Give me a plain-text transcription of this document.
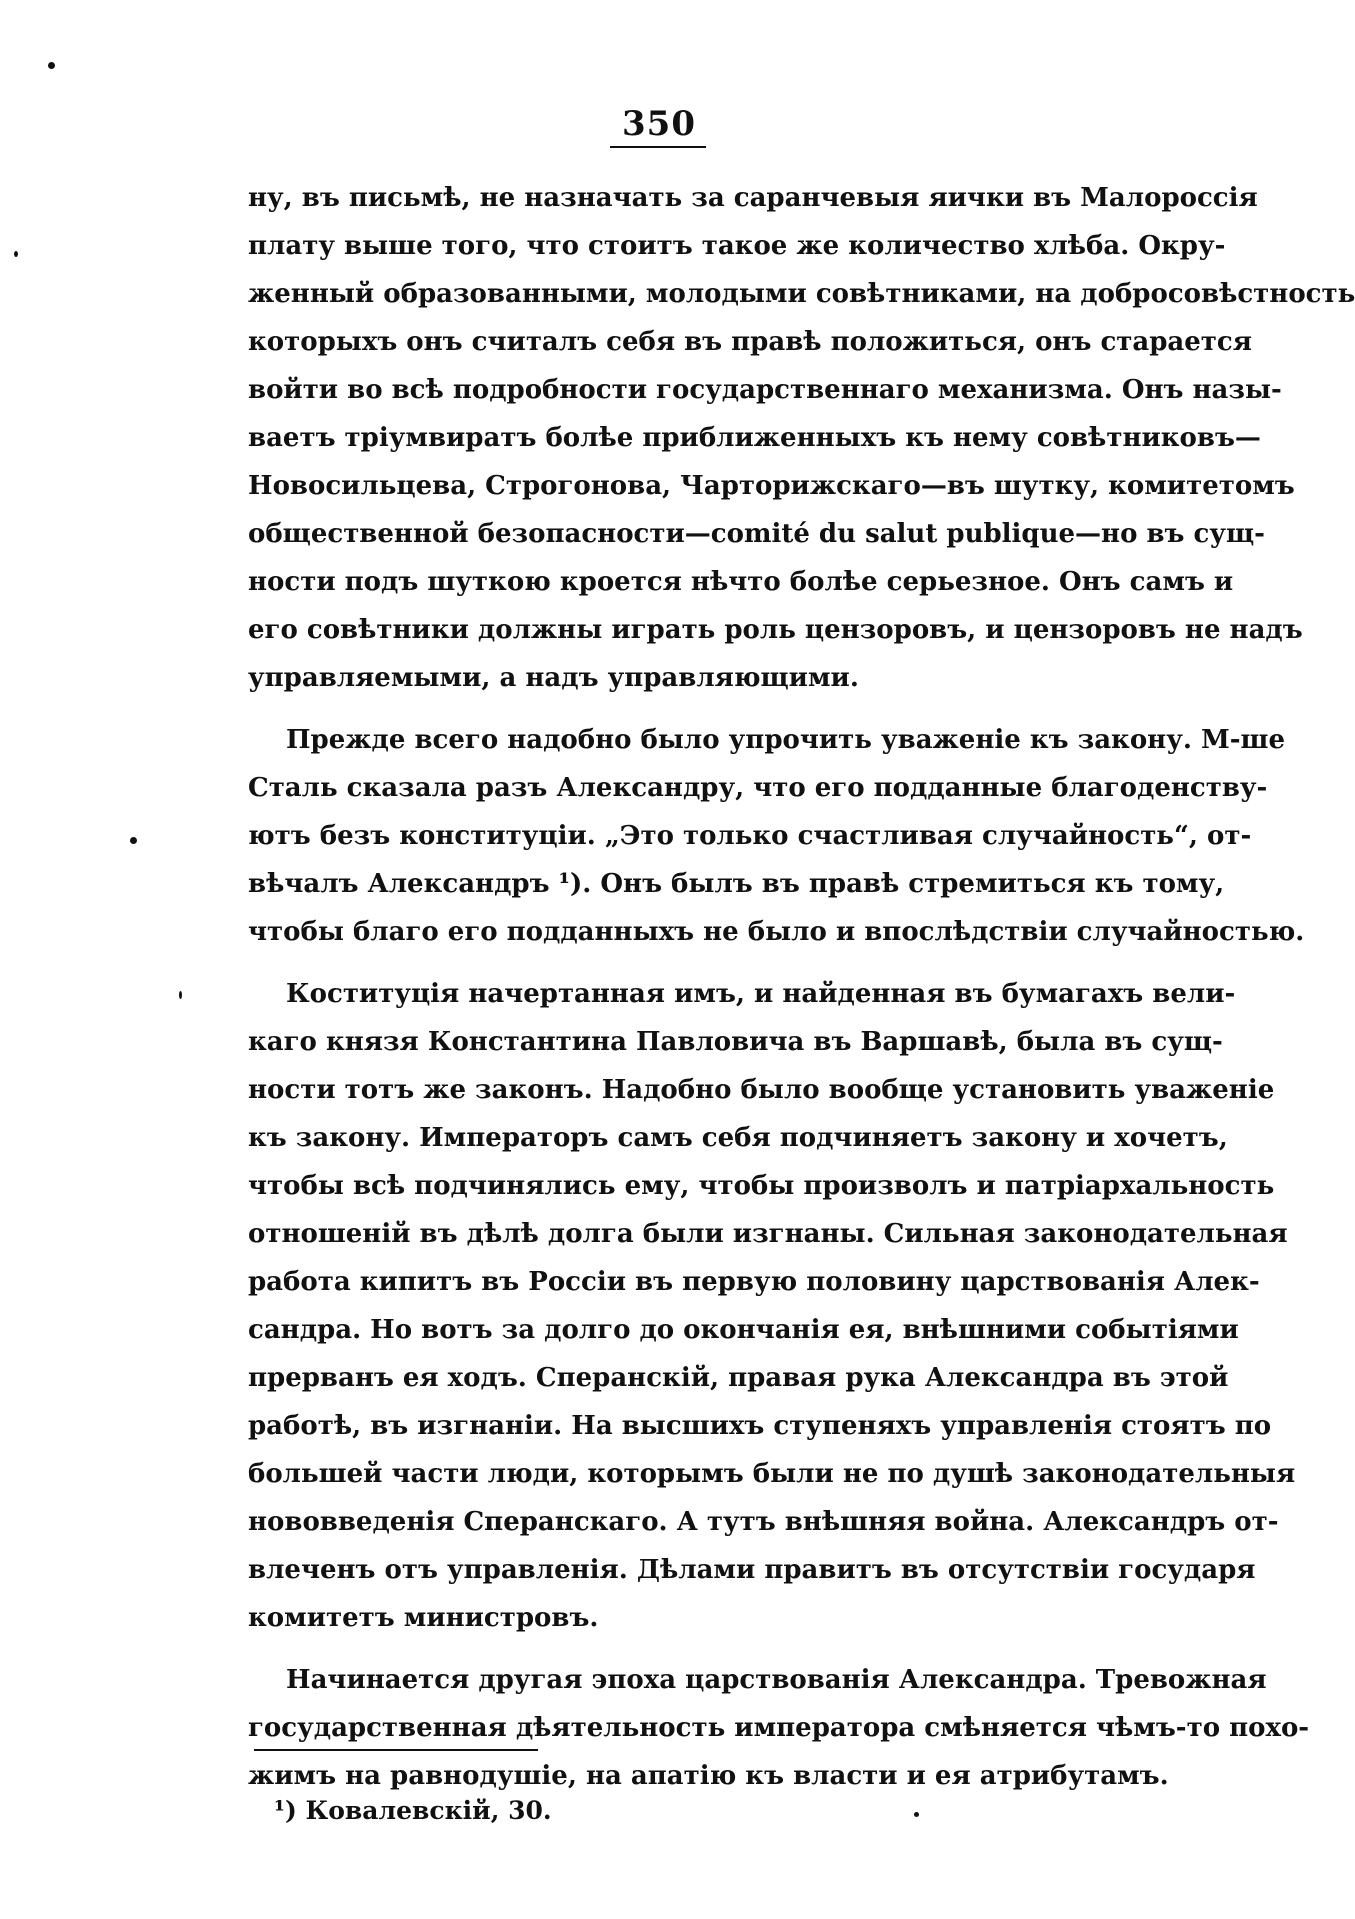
350
ну, въ письмѣ, не назначать за саранчевыя яички въ Малороссія
плату выше того, что стоитъ такое же количество хлѣба. Окру-
женный образованными, молодыми совѣтниками, на добросовѣстность
которыхъ онъ считалъ себя въ правѣ положиться, онъ старается
войти во всѣ подробности государственнаго механизма. Онъ назы-
ваетъ тріумвиратъ болѣе приближенныхъ къ нему совѣтниковъ—
Новосильцева, Строгонова, Чарторижскаго—въ шутку, комитетомъ
общественной безопасности—comité du salut publique—но въ сущ-
ности подъ шуткою кроется нѣчто болѣе серьезное. Онъ самъ и
его совѣтники должны играть роль цензоровъ, и цензоровъ не надъ
управляемыми, а надъ управляющими.
Прежде всего надобно было упрочить уваженіе къ закону. M-ше
Сталь сказала разъ Александру, что его подданные благоденству-
ютъ безъ конституціи. „Это только счастливая случайность“, от-
вѣчалъ Александръ ¹). Онъ былъ въ правѣ стремиться къ тому,
чтобы благо его подданныхъ не было и впослѣдствіи случайностью.
Коституція начертанная имъ, и найденная въ бумагахъ вели-
каго князя Константина Павловича въ Варшавѣ, была въ сущ-
ности тотъ же законъ. Надобно было вообще установить уваженіе
къ закону. Императоръ самъ себя подчиняетъ закону и хочетъ,
чтобы всѣ подчинялись ему, чтобы произволъ и патріархальность
отношеній въ дѣлѣ долга были изгнаны. Сильная законодательная
работа кипитъ въ Россіи въ первую половину царствованія Алек-
сандра. Но вотъ за долго до окончанія ея, внѣшними событіями
прерванъ ея ходъ. Сперанскій, правая рука Александра въ этой
работѣ, въ изгнаніи. На высшихъ ступеняхъ управленія стоятъ по
большей части люди, которымъ были не по душѣ законодательныя
нововведенія Сперанскаго. А тутъ внѣшняя война. Александръ от-
влеченъ отъ управленія. Дѣлами правитъ въ отсутствіи государя
комитетъ министровъ.
Начинается другая эпоха царствованія Александра. Тревожная
государственная дѣятельность императора смѣняется чѣмъ-то похо-
жимъ на равнодушіе, на апатію къ власти и ея атрибутамъ.
¹) Ковалевскій, 30.
